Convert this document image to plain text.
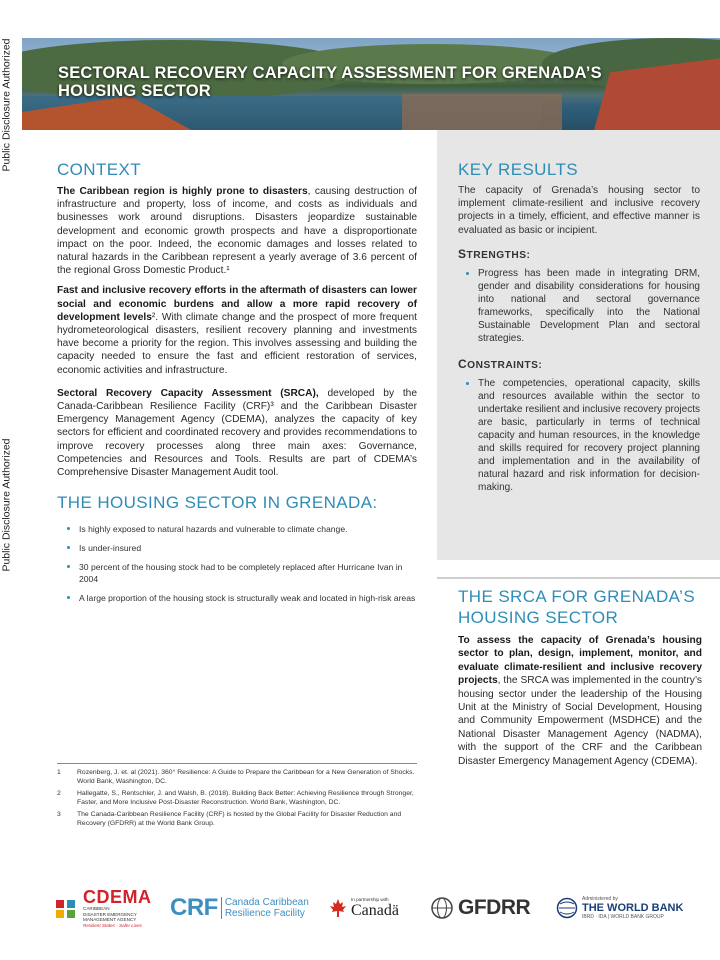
Public Disclosure Authorized
Public Disclosure Authorized
SECTORAL RECOVERY CAPACITY ASSESSMENT FOR GRENADA’S HOUSING SECTOR
CONTEXT

The Caribbean region is highly prone to disasters, causing destruction of infrastructure and property, loss of income, and costs as individuals and businesses work around disruptions. Disasters jeopardize sustainable development and economic growth prospects and have a disproportionate impact on the poor. Indeed, the economic damages and losses related to natural hazards in the Caribbean represent a yearly average of 3.6 percent of the regional Gross Domestic Product.¹

Fast and inclusive recovery efforts in the aftermath of disasters can lower social and economic burdens and allow a more rapid recovery of development levels². With climate change and the prospect of more frequent hydrometeorological disasters, resilient recovery planning and investments have become a priority for the region. This involves assessing and building the capacity needed to ensure the fast and efficient restoration of services, economic activities and infrastructure.

Sectoral Recovery Capacity Assessment (SRCA), developed by the Canada-Caribbean Resilience Facility (CRF)³ and the Caribbean Disaster Emergency Management Agency (CDEMA), analyzes the capacity of key sectors for efficient and coordinated recovery and provides recommendations to improve recovery processes along three main axes: Governance, Competencies and Resources and Tools. Results are part of CDEMA’s Comprehensive Disaster Management Audit tool.

THE HOUSING SECTOR IN GRENADA:
Is highly exposed to natural hazards and vulnerable to climate change.
Is under-insured
30 percent of the housing stock had to be completely replaced after Hurricane Ivan in 2004
A large proportion of the housing stock is structurally weak and located in high-risk areas
1	Rozenberg, J. et. al (2021). 360° Resilience: A Guide to Prepare the Caribbean for a New Generation of Shocks. World Bank, Washington, DC.
2	Hallegatte, S., Rentschler, J. and Walsh, B. (2018). Building Back Better: Achieving Resilience through Stronger, Faster, and More Inclusive Post-Disaster Reconstruction. World Bank, Washington, DC.
3	The Canada-Caribbean Resilience Facility (CRF) is hosted by the Global Facility for Disaster Reduction and Recovery (GFDRR) at the World Bank Group.
KEY RESULTS

The capacity of Grenada’s housing sector to implement climate-resilient and inclusive recovery projects in a timely, efficient, and effective manner is evaluated as basic or incipient.

STRENGTHS:
Progress has been made in integrating DRM, gender and disability considerations for housing into national and sectoral governance frameworks, specifically into the National Sustainable Development Plan and sectoral strategies.
CONSTRAINTS:
The competencies, operational capacity, skills and resources available within the sector to undertake resilient and inclusive recovery projects are basic, particularly in terms of technical capacity and human resources, in the knowledge and skills required for recovery project planning and implementation and in the availability of natural hazard and risk information for decision-making.
THE SRCA FOR GRENADA’S
HOUSING SECTOR

To assess the capacity of Grenada’s housing sector to plan, design, implement, monitor, and evaluate climate-resilient and inclusive recovery projects, the SRCA was implemented in the country’s housing sector under the leadership of the Housing Unit at the Ministry of Social Development, Housing and Community Empowerment (MSDHCE) and the National Disaster Management Agency (NADMA), with the support of the CRF and the Caribbean Disaster Emergency Management Agency (CDEMA).

CDEMA
CARIBBEAN
DISASTER EMERGENCY
MANAGEMENT AGENCY
Resilient States - Safer Lives
CRF Canada Caribbean
Resilience Facility
In partnership with
Canadä	GFDRR	Administered by
THE WORLD BANK
IBRD · IDA | WORLD BANK GROUP
